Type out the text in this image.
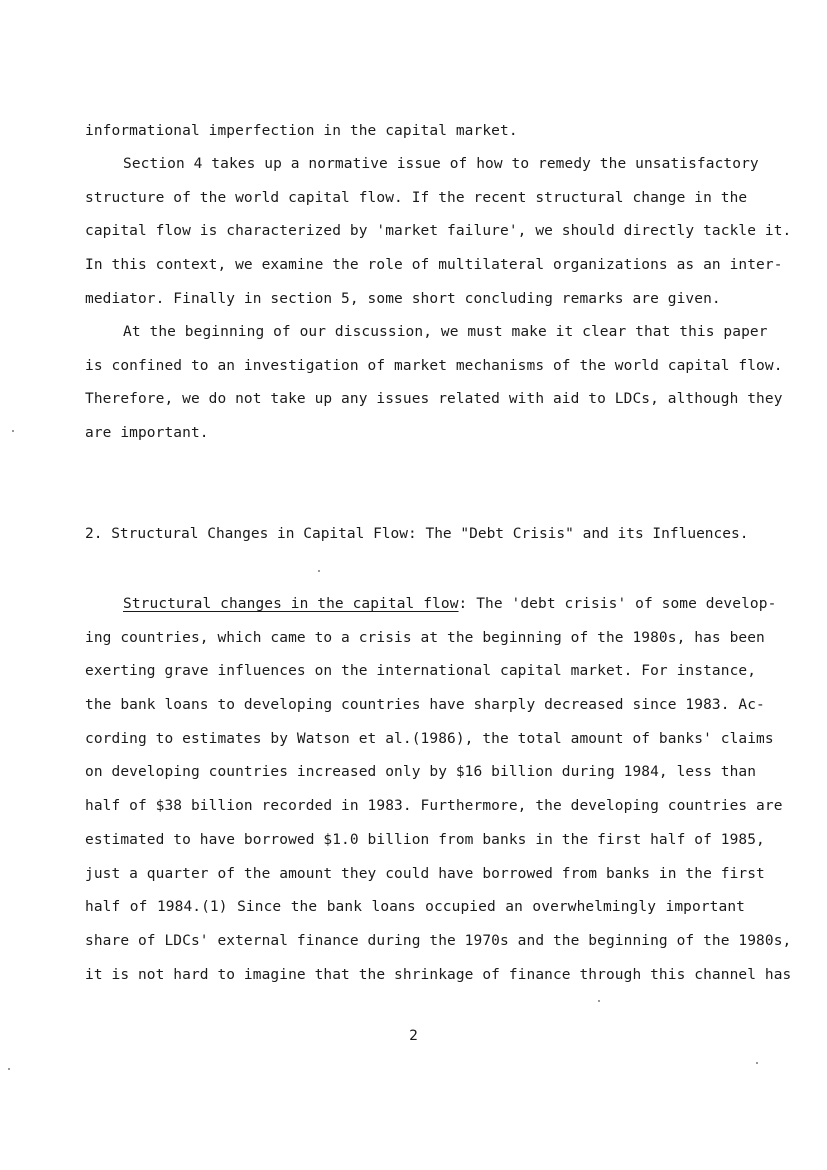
informational imperfection in the capital market.
Section 4 takes up a normative issue of how to remedy the unsatisfactory
structure of the world capital flow. If the recent structural change in the
capital flow is characterized by 'market failure', we should directly tackle it.
In this context, we examine the role of multilateral organizations as an inter-
mediator. Finally in section 5, some short concluding remarks are given.
At the beginning of our discussion, we must make it clear that this paper
is confined to an investigation of market mechanisms of the world capital flow.
Therefore, we do not take up any issues related with aid to LDCs, although they
are important.
2. Structural Changes in Capital Flow: The "Debt Crisis" and its Influences.
Structural changes in the capital flow: The 'debt crisis' of some develop-
ing countries, which came to a crisis at the beginning of the 1980s, has been
exerting grave influences on the international capital market. For instance,
the bank loans to developing countries have sharply decreased since 1983. Ac-
cording to estimates by Watson et al.(1986), the total amount of banks' claims
on developing countries increased only by $16 billion during 1984, less than
half of $38 billion recorded in 1983. Furthermore, the developing countries are
estimated to have borrowed $1.0 billion from banks in the first half of 1985,
just a quarter of the amount they could have borrowed from banks in the first
half of 1984.(1) Since the bank loans occupied an overwhelmingly important
share of LDCs' external finance during the 1970s and the beginning of the 1980s,
it is not hard to imagine that the shrinkage of finance through this channel has
2
